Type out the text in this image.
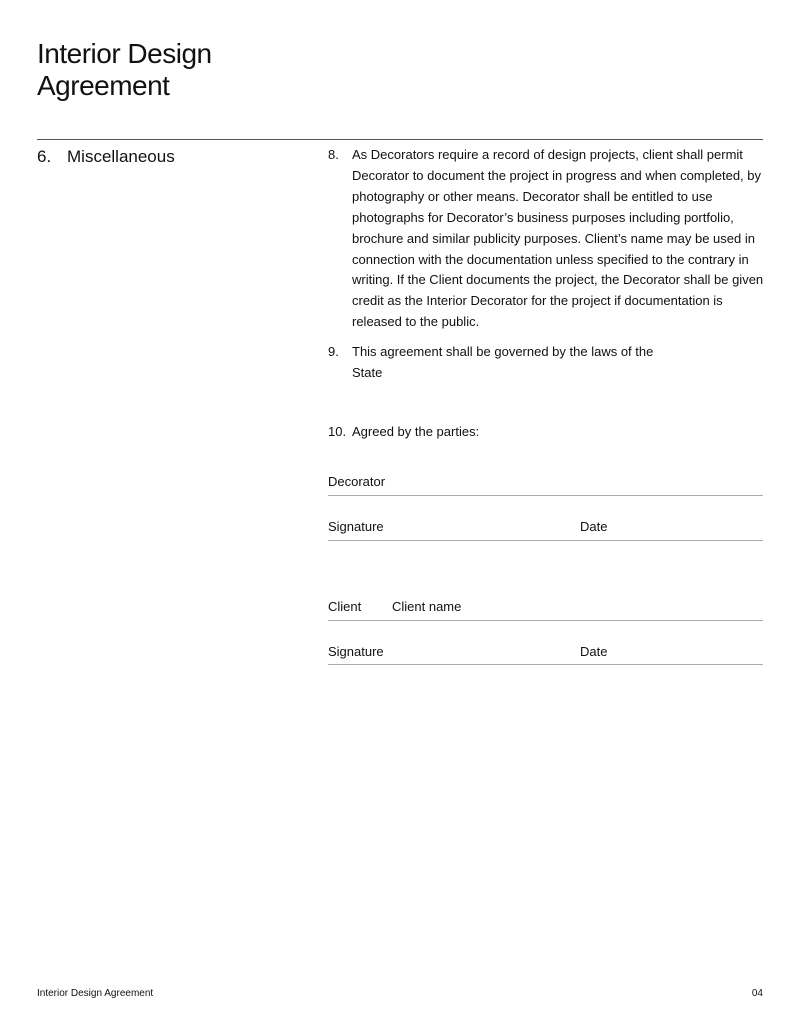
Interior Design
Agreement
6. Miscellaneous	8.	As Decorators require a record of design projects, client shall permit Decorator to document the project in progress and when completed, by photography or other means. Decorator shall be entitled to use photographs for Decorator’s business purposes including portfolio, brochure and similar publicity purposes. Client’s name may be used in connection with the documentation unless specified to the contrary in writing. If the Client documents the project, the Decorator shall be given credit as the Interior Decorator for the project if documentation is released to the public.
9.	This agreement shall be governed by the laws of the
State
10. Agreed by the parties:
Decorator
Signature	Date
Client Client name
Signature	Date
Interior Design Agreement	04
